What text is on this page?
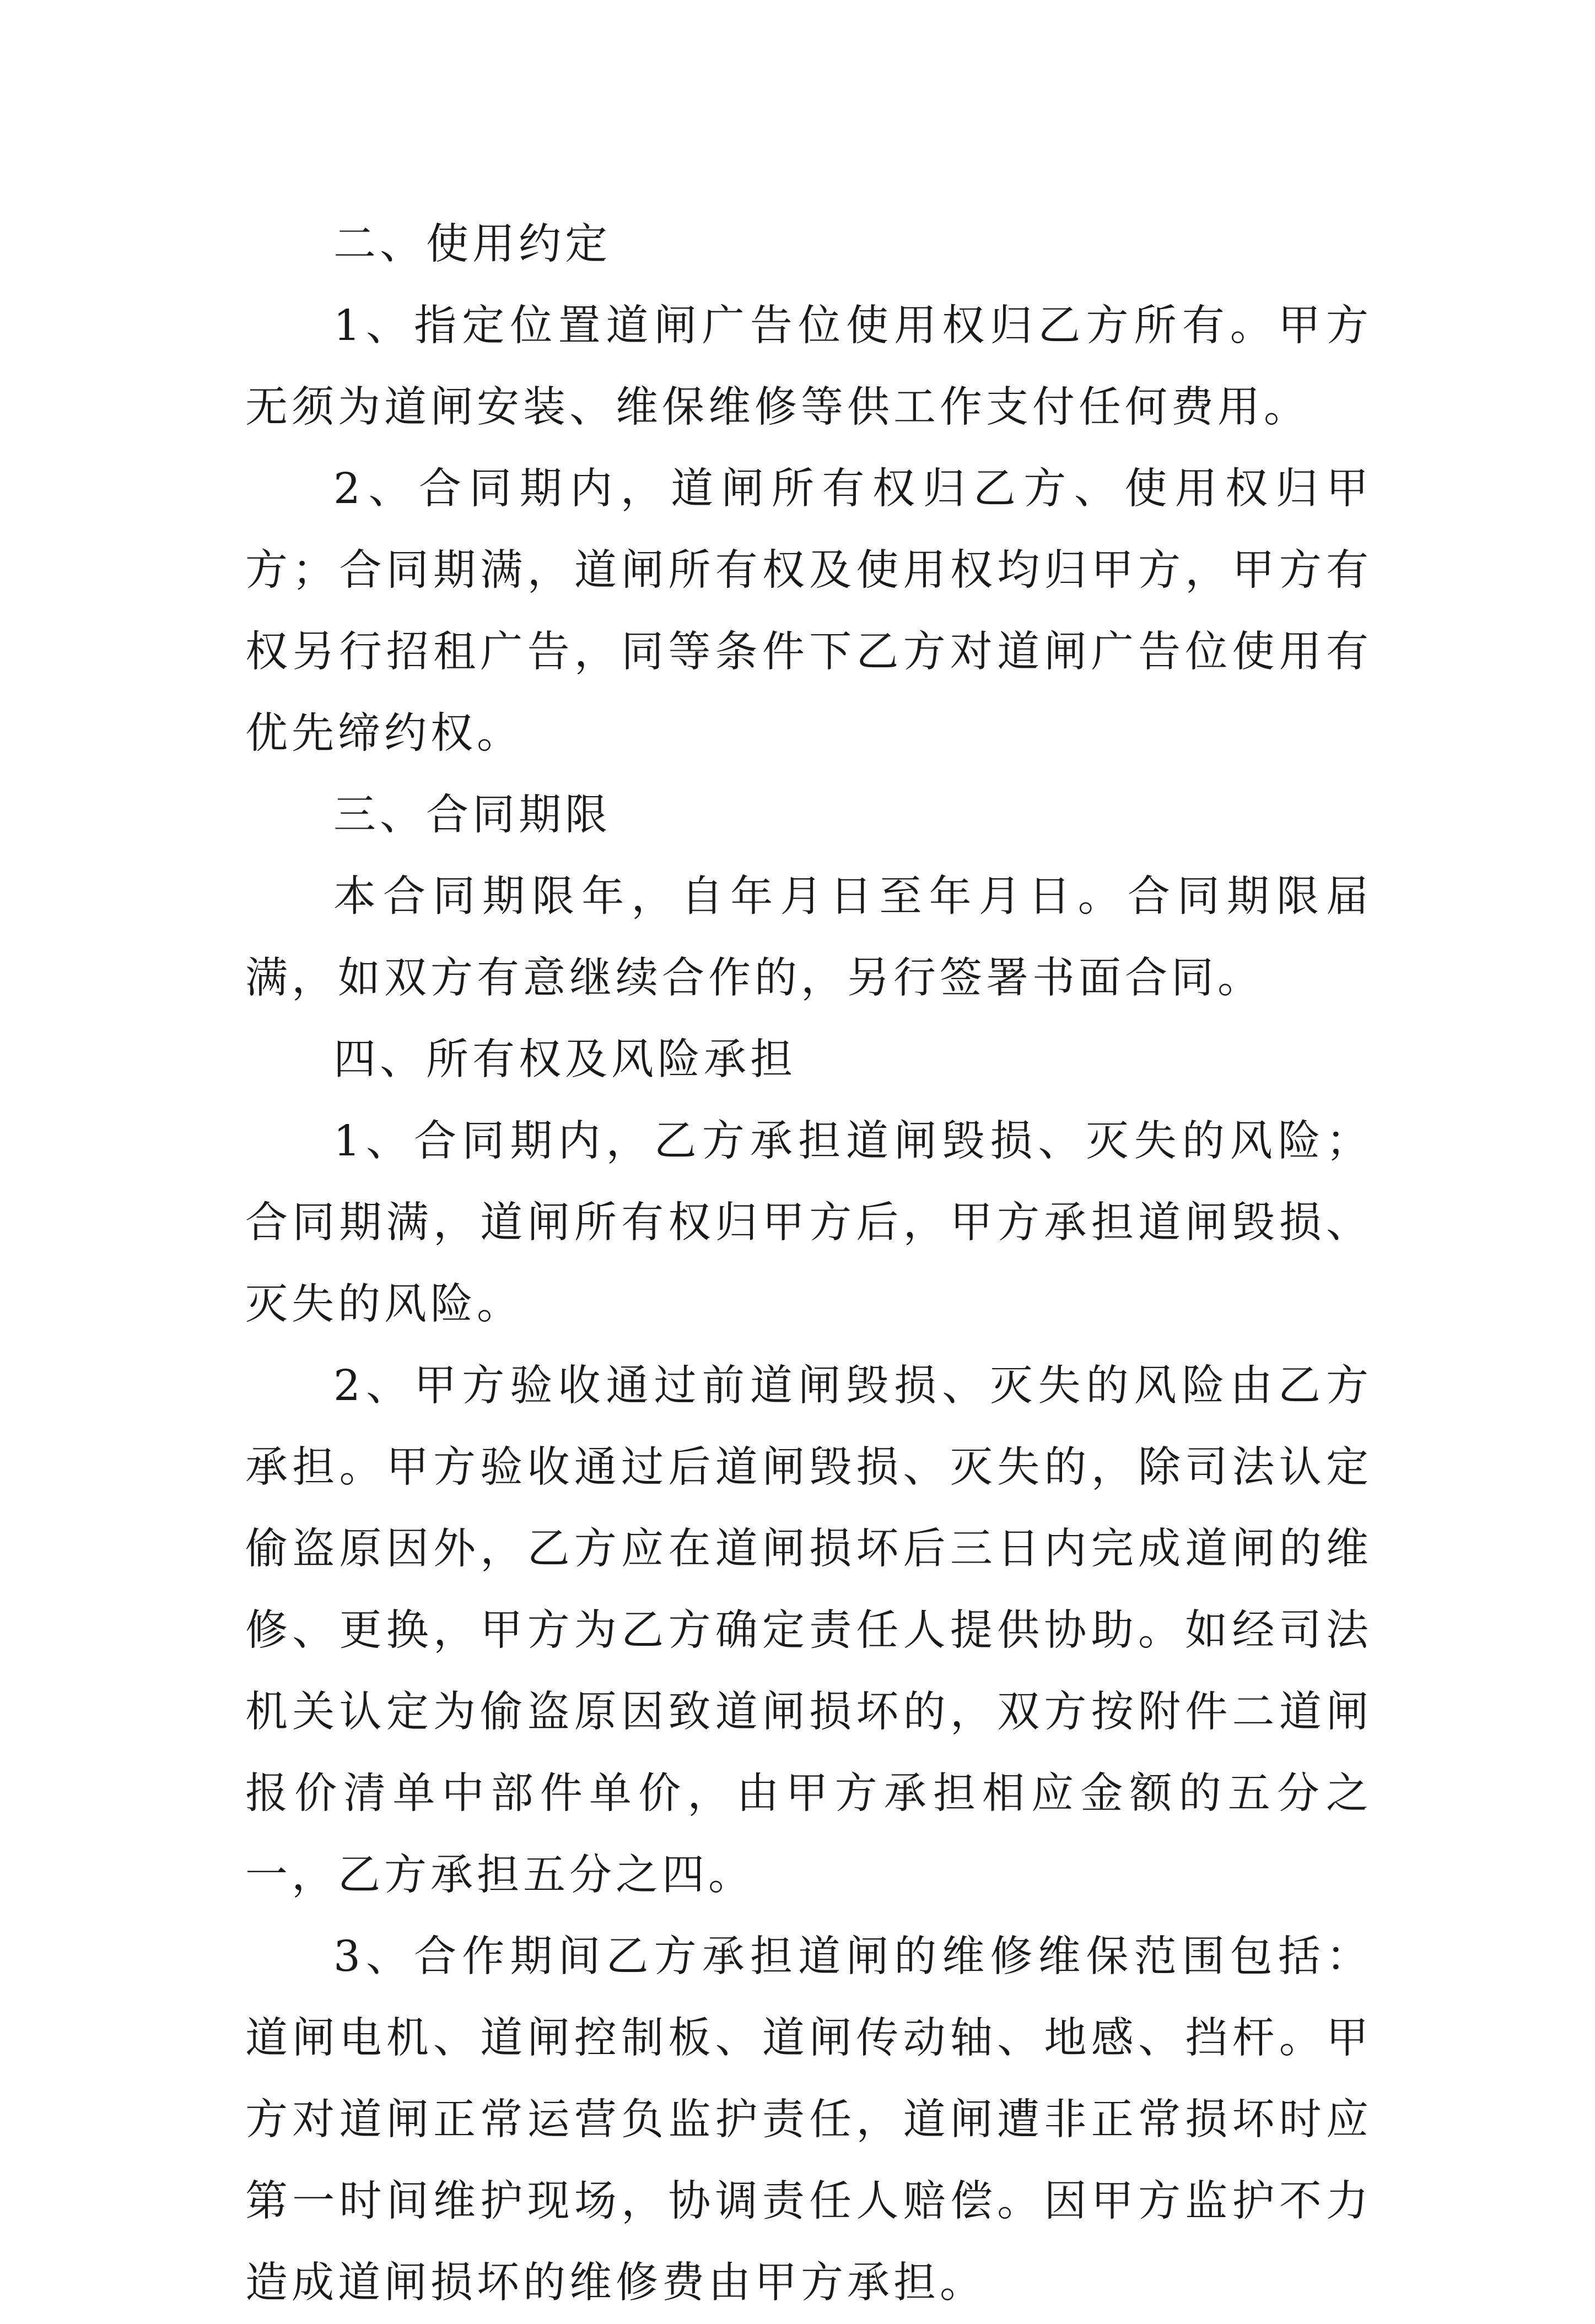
二、使用约定

1、指定位置道闸广告位使用权归乙方所有。甲方无须为道闸安装、维保维修等供工作支付任何费用。

2、合同期内，道闸所有权归乙方、使用权归甲方；合同期满，道闸所有权及使用权均归甲方，甲方有权另行招租广告，同等条件下乙方对道闸广告位使用有优先缔约权。

三、合同期限

本合同期限年，自年月日至年月日。合同期限届满，如双方有意继续合作的，另行签署书面合同。

四、所有权及风险承担

1、合同期内，乙方承担道闸毁损、灭失的风险；合同期满，道闸所有权归甲方后，甲方承担道闸毁损、灭失的风险。

2、甲方验收通过前道闸毁损、灭失的风险由乙方承担。甲方验收通过后道闸毁损、灭失的，除司法认定偷盗原因外，乙方应在道闸损坏后三日内完成道闸的维修、更换，甲方为乙方确定责任人提供协助。如经司法机关认定为偷盗原因致道闸损坏的，双方按附件二道闸报价清单中部件单价，由甲方承担相应金额的五分之一，乙方承担五分之四。

3、合作期间乙方承担道闸的维修维保范围包括：道闸电机、道闸控制板、道闸传动轴、地感、挡杆。甲方对道闸正常运营负监护责任，道闸遭非正常损坏时应第一时间维护现场，协调责任人赔偿。因甲方监护不力造成道闸损坏的维修费由甲方承担。
